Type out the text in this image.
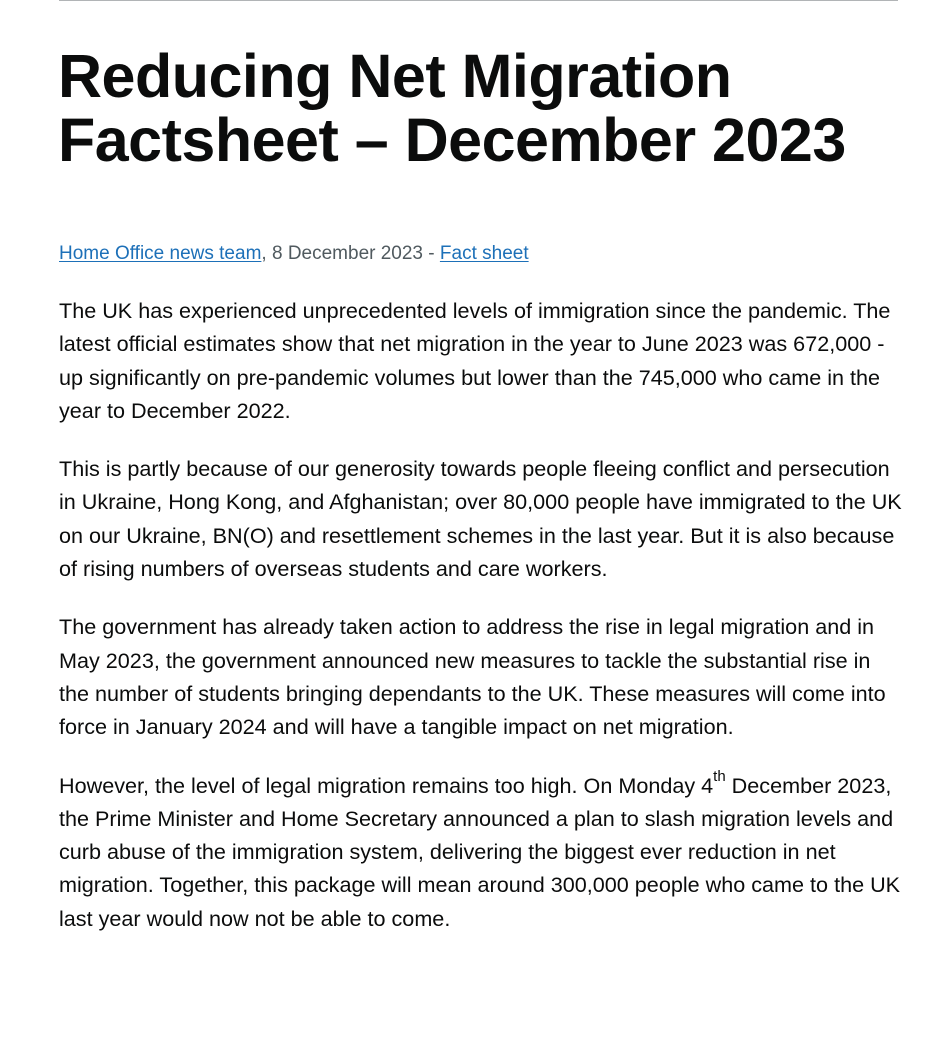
Reducing Net Migration Factsheet – December 2023
Home Office news team, 8 December 2023 - Fact sheet

The UK has experienced unprecedented levels of immigration since the pandemic. The latest official estimates show that net migration in the year to June 2023 was 672,000 - up significantly on pre-pandemic volumes but lower than the 745,000 who came in the year to December 2022.

This is partly because of our generosity towards people fleeing conflict and persecution in Ukraine, Hong Kong, and Afghanistan; over 80,000 people have immigrated to the UK on our Ukraine, BN(O) and resettlement schemes in the last year. But it is also because of rising numbers of overseas students and care workers.

The government has already taken action to address the rise in legal migration and in May 2023, the government announced new measures to tackle the substantial rise in the number of students bringing dependants to the UK. These measures will come into force in January 2024 and will have a tangible impact on net migration.

However, the level of legal migration remains too high. On Monday 4th December 2023, the Prime Minister and Home Secretary announced a plan to slash migration levels and curb abuse of the immigration system, delivering the biggest ever reduction in net migration. Together, this package will mean around 300,000 people who came to the UK last year would now not be able to come.
